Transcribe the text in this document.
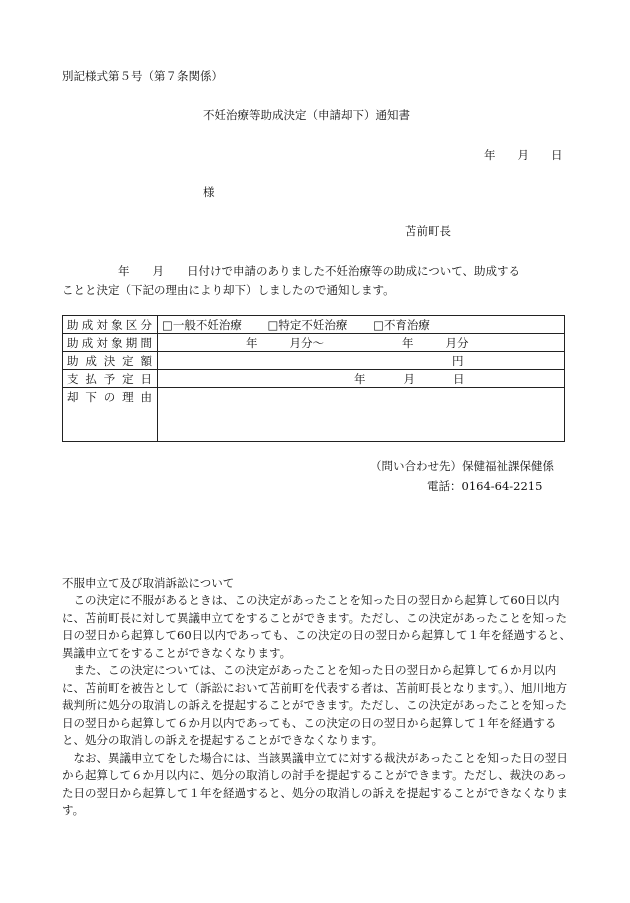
別記様式第５号（第７条関係）
不妊治療等助成決定（申請却下）通知書
年 月 日
様
苫前町長
年　　月　　日付けで申請のありました不妊治療等の助成について、助成する
ことと決定（下記の理由により却下）しましたので通知します。
助成対象区分	□ 一般不妊治療 □ 特定不妊治療 □ 不育治療
助成対象期間	年 月分〜 年 月分
助成決定額	円
支払予定日	年 月 日
却下の理由	
（問い合わせ先）保健福祉課保健係
電話：0164-64-2215
不服申立て及び取消訴訟について

この決定に不服があるときは、この決定があったことを知った日の翌日から起算して60日以内に、苫前町長に対して異議申立てをすることができます。ただし、この決定があったことを知った日の翌日から起算して60日以内であっても、この決定の日の翌日から起算して１年を経過すると、異議申立てをすることができなくなります。

また、この決定については、この決定があったことを知った日の翌日から起算して６か月以内に、苫前町を被告として（訴訟において苫前町を代表する者は、苫前町長となります。）、旭川地方裁判所に処分の取消しの訴えを提起することができます。ただし、この決定があったことを知った日の翌日から起算して６か月以内であっても、この決定の日の翌日から起算して１年を経過すると、処分の取消しの訴えを提起することができなくなります。

なお、異議申立てをした場合には、当該異議申立てに対する裁決があったことを知った日の翌日から起算して６か月以内に、処分の取消しの討手を提起することができます。ただし、裁決のあった日の翌日から起算して１年を経過すると、処分の取消しの訴えを提起することができなくなります。
